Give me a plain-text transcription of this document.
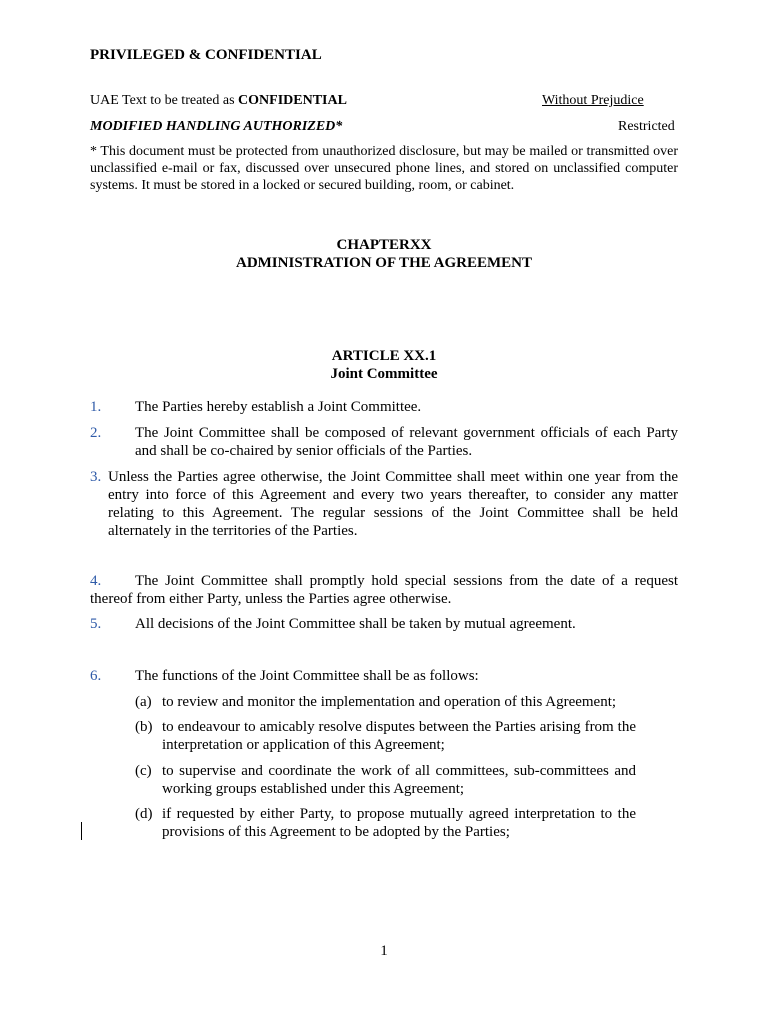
PRIVILEGED & CONFIDENTIAL
UAE Text to be treated as CONFIDENTIAL	Without Prejudice
MODIFIED HANDLING AUTHORIZED*	Restricted
* This document must be protected from unauthorized disclosure, but may be mailed or transmitted over unclassified e-mail or fax, discussed over unsecured phone lines, and stored on unclassified computer systems. It must be stored in a locked or secured building, room, or cabinet.
CHAPTERXX
ADMINISTRATION OF THE AGREEMENT
ARTICLE XX.1
Joint Committee
1. The Parties hereby establish a Joint Committee.
2. The Joint Committee shall be composed of relevant government officials of each Party and shall be co-chaired by senior officials of the Parties.
3. Unless the Parties agree otherwise, the Joint Committee shall meet within one year from the entry into force of this Agreement and every two years thereafter, to consider any matter relating to this Agreement. The regular sessions of the Joint Committee shall be held alternately in the territories of the Parties.
4. The Joint Committee shall promptly hold special sessions from the date of a request thereof from either Party, unless the Parties agree otherwise.
5. All decisions of the Joint Committee shall be taken by mutual agreement.
6. The functions of the Joint Committee shall be as follows:
(a) to review and monitor the implementation and operation of this Agreement;
(b) to endeavour to amicably resolve disputes between the Parties arising from the interpretation or application of this Agreement;
(c) to supervise and coordinate the work of all committees, sub-committees and working groups established under this Agreement;
(d) if requested by either Party, to propose mutually agreed interpretation to the provisions of this Agreement to be adopted by the Parties;
1
